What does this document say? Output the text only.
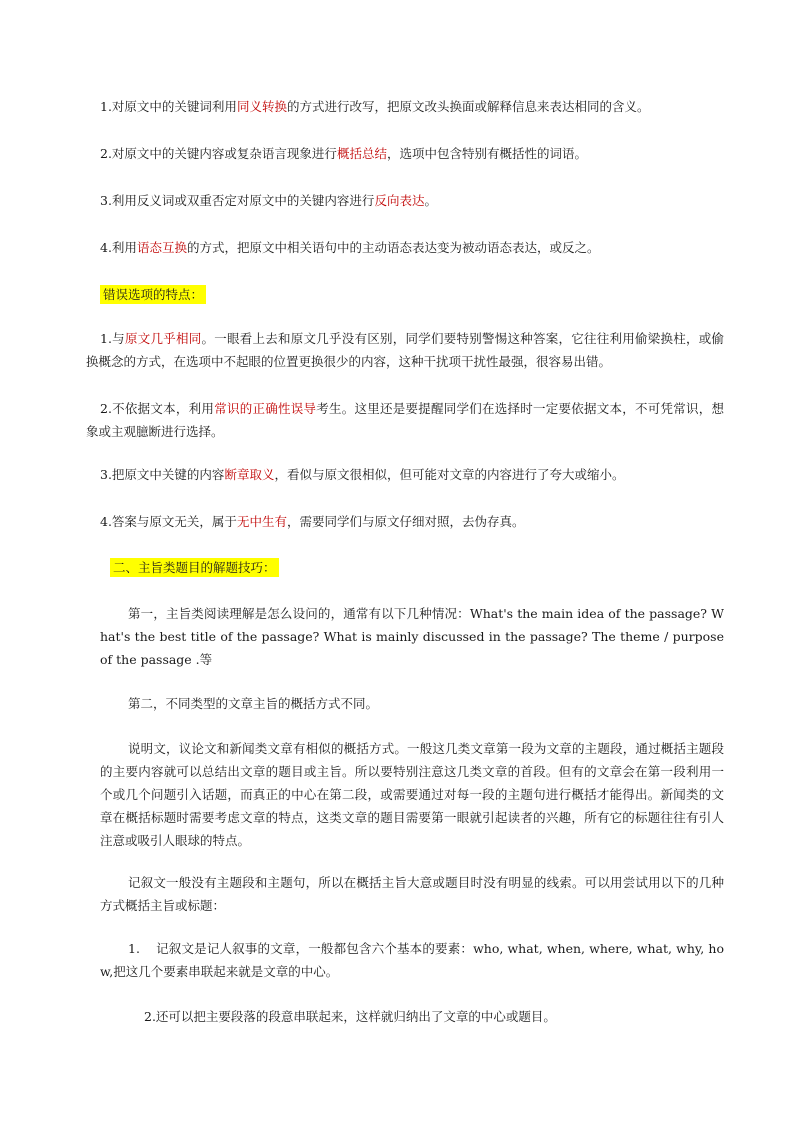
1.对原文中的关键词利用同义转换的方式进行改写，把原文改头换面或解释信息来表达相同的含义。

2.对原文中的关键内容或复杂语言现象进行概括总结，选项中包含特别有概括性的词语。

3.利用反义词或双重否定对原文中的关键内容进行反向表达。

4.利用语态互换的方式，把原文中相关语句中的主动语态表达变为被动语态表达，或反之。

错误选项的特点：

1.与原文几乎相同。一眼看上去和原文几乎没有区别，同学们要特别警惕这种答案，它往往利用偷梁换柱，或偷换概念的方式，在选项中不起眼的位置更换很少的内容，这种干扰项干扰性最强，很容易出错。

2.不依据文本，利用常识的正确性误导考生。这里还是要提醒同学们在选择时一定要依据文本，不可凭常识，想象或主观臆断进行选择。

3.把原文中关键的内容断章取义，看似与原文很相似，但可能对文章的内容进行了夸大或缩小。

4.答案与原文无关，属于无中生有，需要同学们与原文仔细对照，去伪存真。

二、主旨类题目的解题技巧：

第一，主旨类阅读理解是怎么设问的，通常有以下几种情况：What's the main idea of the passage? What's the best title of the passage? What is mainly discussed in the passage? The theme / purpose of the passage .等

第二，不同类型的文章主旨的概括方式不同。

说明文，议论文和新闻类文章有相似的概括方式。一般这几类文章第一段为文章的主题段，通过概括主题段的主要内容就可以总结出文章的题目或主旨。所以要特别注意这几类文章的首段。但有的文章会在第一段利用一个或几个问题引入话题，而真正的中心在第二段，或需要通过对每一段的主题句进行概括才能得出。新闻类的文章在概括标题时需要考虑文章的特点，这类文章的题目需要第一眼就引起读者的兴趣，所有它的标题往往有引人注意或吸引人眼球的特点。

记叙文一般没有主题段和主题句，所以在概括主旨大意或题目时没有明显的线索。可以用尝试用以下的几种方式概括主旨或标题：

1. 记叙文是记人叙事的文章，一般都包含六个基本的要素：who, what, when, where, what, why, how,把这几个要素串联起来就是文章的中心。

2.还可以把主要段落的段意串联起来，这样就归纳出了文章的中心或题目。
